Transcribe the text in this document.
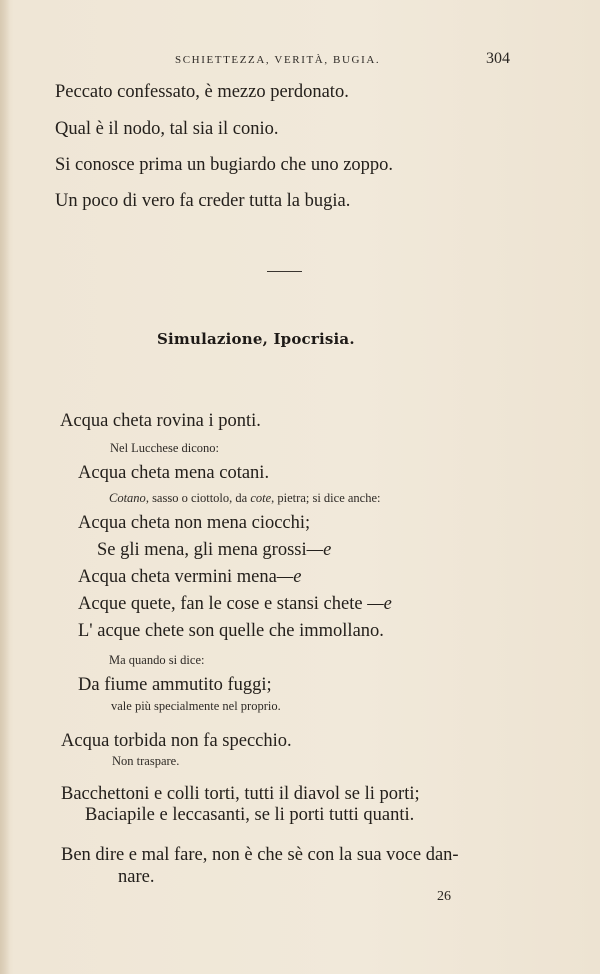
SCHIETTEZZA, VERITÀ, BUGIA.	304
Peccato confessato, è mezzo perdonato.
Qual è il nodo, tal sia il conio.
Si conosce prima un bugiardo che uno zoppo.
Un poco di vero fa creder tutta la bugia.
Simulazione, Ipocrisia.
Acqua cheta rovina i ponti.
Nel Lucchese dicono:
Acqua cheta mena cotani.
Cotano, sasso o ciottolo, da cote, pietra; si dice anche:
Acqua cheta non mena ciocchi;
Se gli mena, gli mena grossi—e
Acqua cheta vermini mena—e
Acque quete, fan le cose e stansi chete —e
L' acque chete son quelle che immollano.
Ma quando si dice:
Da fiume ammutito fuggi;
vale più specialmente nel proprio.
Acqua torbida non fa specchio.
Non traspare.
Bacchettoni e colli torti, tutti il diavol se li porti;
Baciapile e leccasanti, se li porti tutti quanti.
Ben dire e mal fare, non è che sè con la sua voce dan-
nare.
26
